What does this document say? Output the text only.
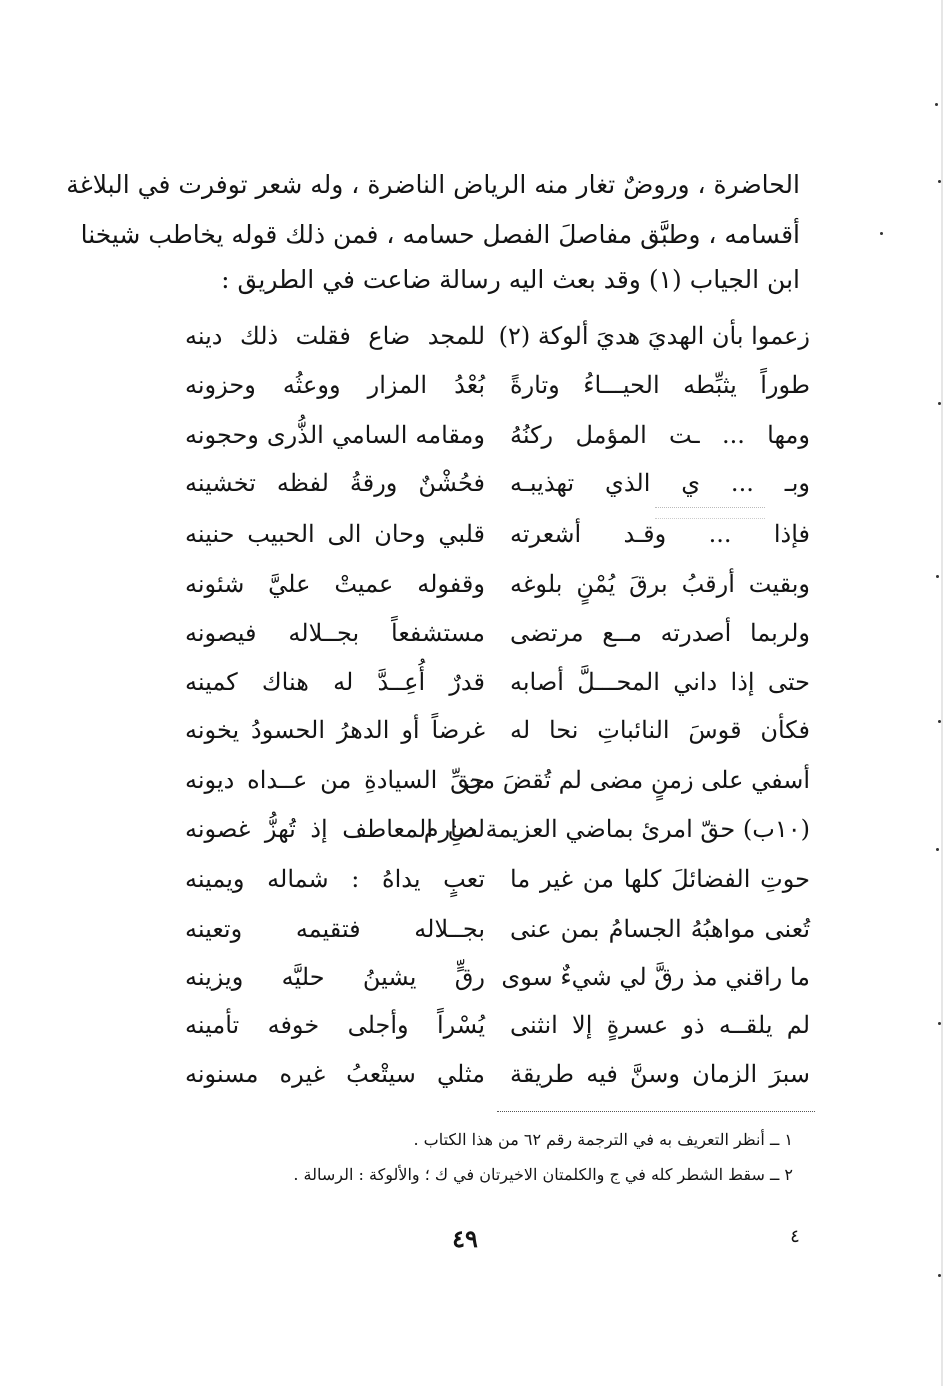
الحاضرة ، وروضٌ تغار منه الرياض الناضرة ، وله شعر توفرت في البلاغة
أقسامه ، وطبَّق مفاصلَ الفصل حسامه ، فمن ذلك قوله يخاطب شيخنا
ابن الجياب (١) وقد بعث اليه رسالة ضاعت في الطريق :
زعموا بأن الهديَ هديَ ألوكة (٢)
للمجد ضاع فقلت ذلك دينه
طوراً يثبِّطه الحيـــاءُ وتارةً
بُعْدُ المزار ووعثُه وحزونه
ومها ... ـت المؤمل ركنُهُ
ومقامه السامي الذُّرى وحجونه
وبـ ... ي الذي تهذيبـه
فحُشْنٌ ورقةُ لفظه تخشينه
فإذا ... وقـد أشعرته
قلبي وحان الى الحبيب حنينه
وبقيت أرقبُ برقَ يُمْنٍ بلوغه
وقفوله عميتْ عليَّ شئونه
ولربما أصدرته مــع مرتضى
مستشفعاً بجــلاله فيصونه
حتى إذا داني المحـــلَّ أصابه
قدرٌ أُعِــدَّ له هناك كمينه
فكأن قوسَ النائباتِ نحا له
غرضاً أو الدهرُ الحسودُ يخونه
أسفي على زمنٍ مضى لم تُقضَ من
حقِّ السيادةِ من عــداه ديونه
(١٠ب) حقّ امرئ بماضي العزيمة صارم
لدنِ المعاطف إذ تُهزُّ غصونه
حوتِ الفضائلَ كلها من غير ما
تعبٍ يداهُ : شماله ويمينه
تُعنى مواهبُهُ الجسامُ بمن عنى
بجــلاله فتقيمه وتعينه
ما راقني مذ رقَّ لي شيءٌ سوى
رقٍّ يشينُ حليَّه ويزينه
لم يلقــه ذو عسرةٍ إلا انثنى
يُسْراً وأجلى خوفه تأمينه
سبرَ الزمان وسنَّ فيه طريقة
مثلي سيتْعبُ غيره مسنونه
١ ــ أنظر التعريف به في الترجمة رقم ٦٢ من هذا الكتاب .
٢ ــ سقط الشطر كله في ج والكلمتان الاخيرتان في ك ؛ والألوكة : الرسالة .
٤٩	٤
